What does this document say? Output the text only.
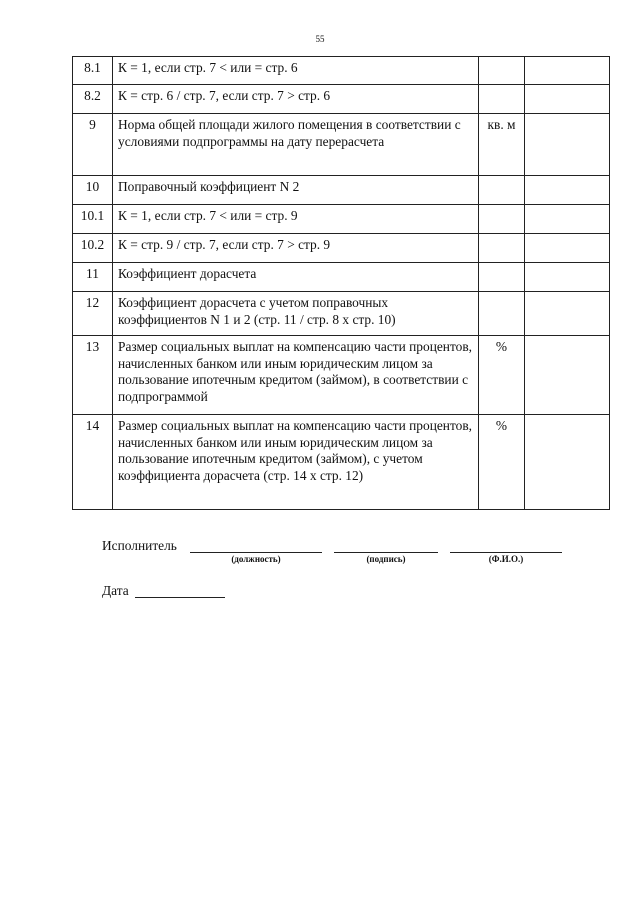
55
8.1	К = 1, если стр. 7 < или = стр. 6		
8.2	К = стр. 6 / стр. 7, если стр. 7 > стр. 6		
9	Норма общей площади жилого помещения в соответствии с условиями подпрограммы на дату перерасчета	кв. м	
10	Поправочный коэффициент N 2		
10.1	К = 1, если стр. 7 < или = стр. 9		
10.2	К = стр. 9 / стр. 7, если стр. 7 > стр. 9		
11	Коэффициент дорасчета		
12	Коэффициент дорасчета с учетом поправочных коэффициентов N 1 и 2 (стр. 11 / стр. 8 x стр. 10)		
13	Размер социальных выплат на компенсацию части процентов, начисленных банком или иным юридическим лицом за пользование ипотечным кредитом (займом), в соответствии с подпрограммой	%	
14	Размер социальных выплат на компенсацию части процентов, начисленных банком или иным юридическим лицом за пользование ипотечным кредитом (займом), с учетом коэффициента дорасчета (стр. 14 x стр. 12)	%	
Исполнитель
(должность)	(подпись)	(Ф.И.О.)
Дата
